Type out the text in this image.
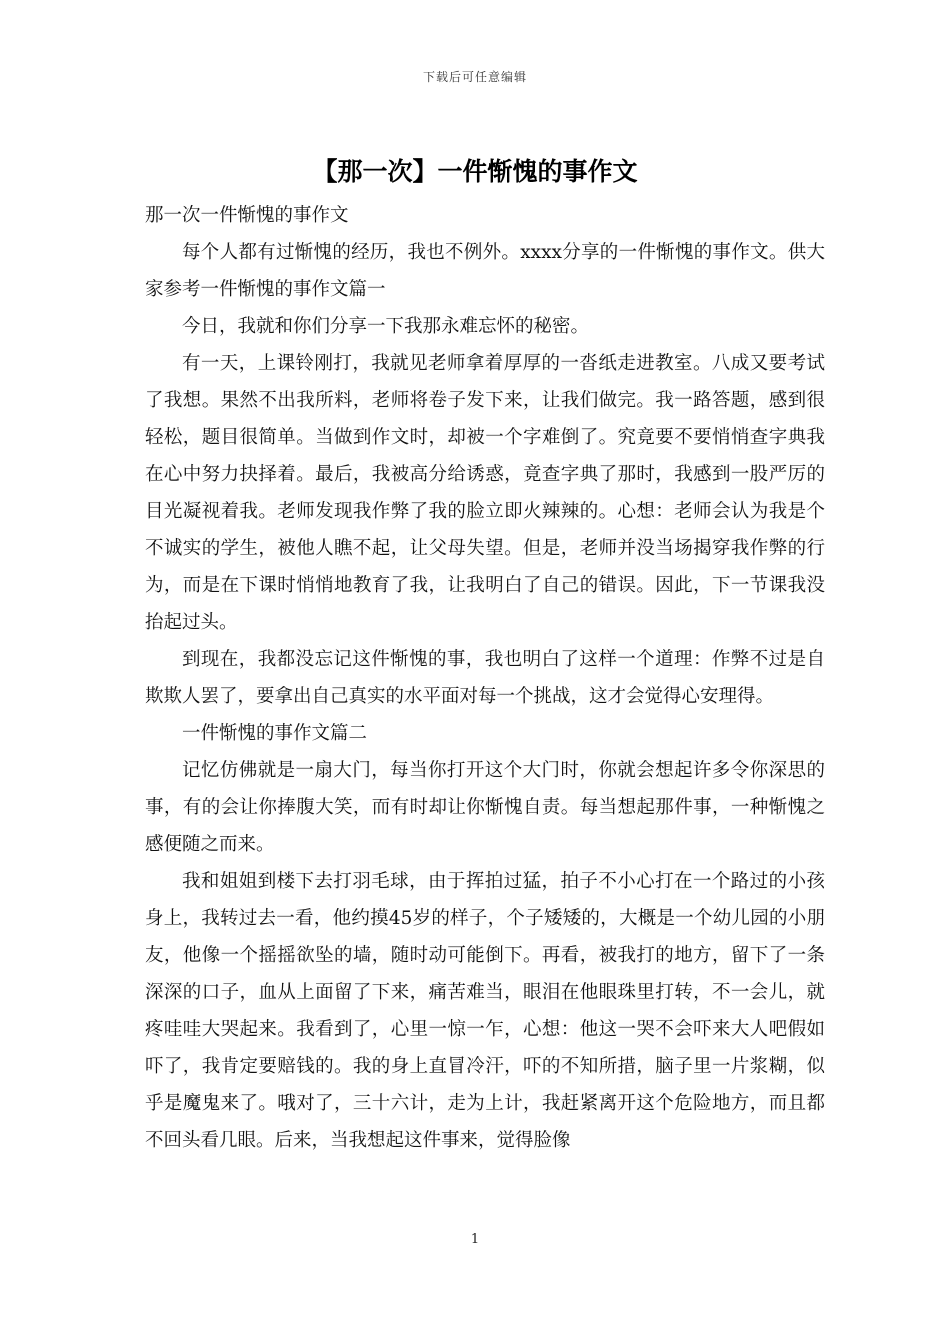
下载后可任意编辑
【那一次】一件惭愧的事作文

那一次一件惭愧的事作文

每个人都有过惭愧的经历，我也不例外。xxxx分享的一件惭愧的事作文。供大家参考一件惭愧的事作文篇一

今日，我就和你们分享一下我那永难忘怀的秘密。

有一天，上课铃刚打，我就见老师拿着厚厚的一沓纸走进教室。八成又要考试了我想。果然不出我所料，老师将卷子发下来，让我们做完。我一路答题，感到很轻松，题目很简单。当做到作文时，却被一个字难倒了。究竟要不要悄悄查字典我在心中努力抉择着。最后，我被高分给诱惑，竟查字典了那时，我感到一股严厉的目光凝视着我。老师发现我作弊了我的脸立即火辣辣的。心想：老师会认为我是个不诚实的学生，被他人瞧不起，让父母失望。但是，老师并没当场揭穿我作弊的行为，而是在下课时悄悄地教育了我，让我明白了自己的错误。因此，下一节课我没抬起过头。

到现在，我都没忘记这件惭愧的事，我也明白了这样一个道理：作弊不过是自欺欺人罢了，要拿出自己真实的水平面对每一个挑战，这才会觉得心安理得。

一件惭愧的事作文篇二

记忆仿佛就是一扇大门，每当你打开这个大门时，你就会想起许多令你深思的事，有的会让你捧腹大笑，而有时却让你惭愧自责。每当想起那件事，一种惭愧之感便随之而来。

我和姐姐到楼下去打羽毛球，由于挥拍过猛，拍子不小心打在一个路过的小孩身上，我转过去一看，他约摸45岁的样子，个子矮矮的，大概是一个幼儿园的小朋友，他像一个摇摇欲坠的墙，随时动可能倒下。再看，被我打的地方，留下了一条深深的口子，血从上面留了下来，痛苦难当，眼泪在他眼珠里打转，不一会儿，就疼哇哇大哭起来。我看到了，心里一惊一乍，心想：他这一哭不会吓来大人吧假如吓了，我肯定要赔钱的。我的身上直冒冷汗，吓的不知所措，脑子里一片浆糊，似乎是魔鬼来了。哦对了，三十六计，走为上计，我赶紧离开这个危险地方，而且都不回头看几眼。后来，当我想起这件事来，觉得脸像

1
